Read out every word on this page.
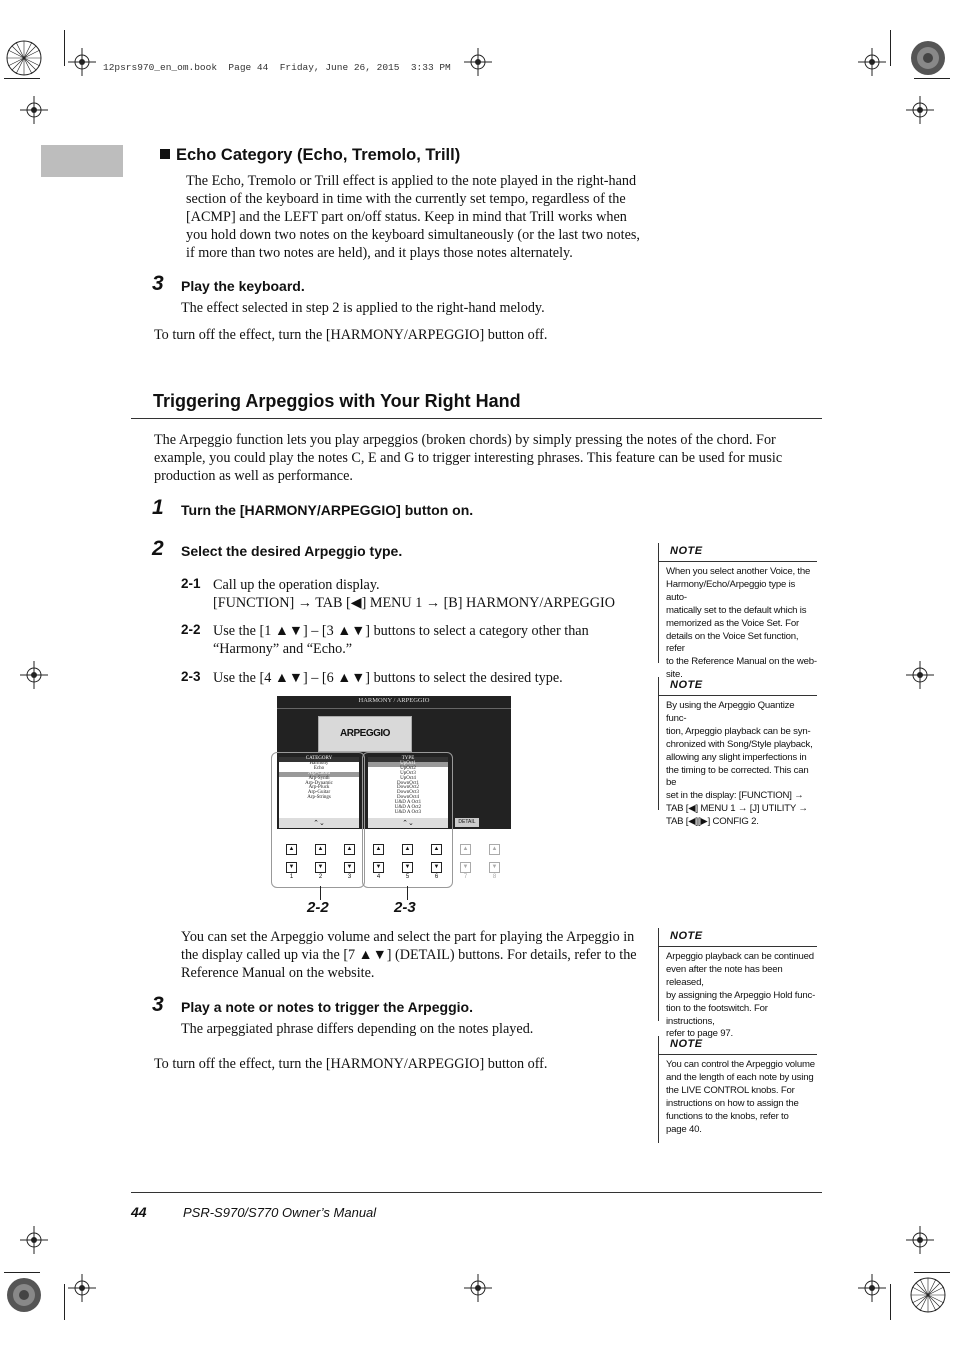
12psrs970_en_om.book  Page 44  Friday, June 26, 2015  3:33 PM
Echo Category (Echo, Tremolo, Trill)
The Echo, Tremolo or Trill effect is applied to the note played in the right-hand section of the keyboard in time with the currently set tempo, regardless of the [ACMP] and the LEFT part on/off status. Keep in mind that Trill works when you hold down two notes on the keyboard simultaneously (or the last two notes, if more than two notes are held), and it plays those notes alternately.
3 Play the keyboard.
The effect selected in step 2 is applied to the right-hand melody.
To turn off the effect, turn the [HARMONY/ARPEGGIO] button off.
Triggering Arpeggios with Your Right Hand
The Arpeggio function lets you play arpeggios (broken chords) by simply pressing the notes of the chord. For example, you could play the notes C, E and G to trigger interesting phrases. This feature can be used for music production as well as performance.
1 Turn the [HARMONY/ARPEGGIO] button on.
2 Select the desired Arpeggio type.
2-1 Call up the operation display.
[FUNCTION] → TAB [◀] MENU 1 → [B] HARMONY/ARPEGGIO
2-2 Use the [1 ▲▼] – [3 ▲▼] buttons to select a category other than
“Harmony” and “Echo.”
2-3 Use the [4 ▲▼] – [6 ▲▼] buttons to select the desired type.
HARMONY / ARPEGGIO
ARPEGGIO
DETAIL
CATEGORY
Harmony
Echo
Arp-Chord
Arp-Synth
Arp-Dynamic
Arp-Pluck
Arp-Guitar
Arp-Strings
⌃⌄
TYPE
UpOct1
UpOct2
UpOct3
UpOct4
DownOct1
DownOct2
DownOct3
DownOct4
U&D A Oct1
U&D A Oct2
U&D A Oct3
⌃⌄
▲
▼
1
▲
▼
2
▲
▼
3
▲
▼
4
▲
▼
5
▲
▼
6
▲
▼
7
▲
▼
8
2-2	2-3
You can set the Arpeggio volume and select the part for playing the Arpeggio in the display called up via the [7 ▲▼] (DETAIL) buttons. For details, refer to the Reference Manual on the website.
3 Play a note or notes to trigger the Arpeggio.
The arpeggiated phrase differs depending on the notes played.
To turn off the effect, turn the [HARMONY/ARPEGGIO] button off.
NOTE
When you select another Voice, the
Harmony/Echo/Arpeggio type is auto-
matically set to the default which is
memorized as the Voice Set. For
details on the Voice Set function, refer
to the Reference Manual on the web-
site.
NOTE
By using the Arpeggio Quantize func-
tion, Arpeggio playback can be syn-
chronized with Song/Style playback,
allowing any slight imperfections in
the timing to be corrected. This can be
set in the display: [FUNCTION] →
TAB [◀] MENU 1 → [J] UTILITY →
TAB [◀][▶] CONFIG 2.
NOTE
Arpeggio playback can be continued
even after the note has been released,
by assigning the Arpeggio Hold func-
tion to the footswitch. For instructions,
refer to page 97.
NOTE
You can control the Arpeggio volume
and the length of each note by using
the LIVE CONTROL knobs. For
instructions on how to assign the
functions to the knobs, refer to
page 40.
44	PSR-S970/S770 Owner’s Manual
